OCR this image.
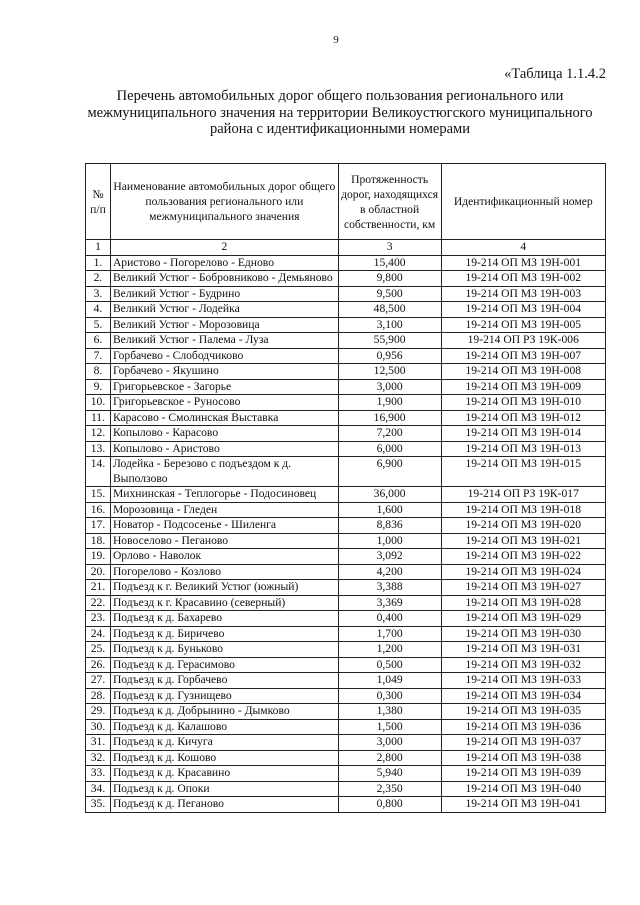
9
«Таблица 1.1.4.2
Перечень автомобильных дорог общего пользования регионального или межмуниципального значения на территории Великоустюгского муниципального района с идентификационными номерами
№ п/п	Наименование автомобильных дорог общего пользования регионального или межмуниципального значения	Протяженность дорог, находящихся в областной собственности, км	Идентификационный номер
1	2	3	4
1.	Аристово - Погорелово - Едново	15,400	19-214 ОП МЗ 19Н-001
2.	Великий Устюг - Бобровниково - Демьяново	9,800	19-214 ОП МЗ 19Н-002
3.	Великий Устюг - Будрино	9,500	19-214 ОП МЗ 19Н-003
4.	Великий Устюг - Лодейка	48,500	19-214 ОП МЗ 19Н-004
5.	Великий Устюг - Морозовица	3,100	19-214 ОП МЗ 19Н-005
6.	Великий Устюг - Палема - Луза	55,900	19-214 ОП РЗ 19К-006
7.	Горбачево - Слободчиково	0,956	19-214 ОП МЗ 19Н-007
8.	Горбачево - Якушино	12,500	19-214 ОП МЗ 19Н-008
9.	Григорьевское - Загорье	3,000	19-214 ОП МЗ 19Н-009
10.	Григорьевское - Руносово	1,900	19-214 ОП МЗ 19Н-010
11.	Карасово - Смолинская Выставка	16,900	19-214 ОП МЗ 19Н-012
12.	Копылово - Карасово	7,200	19-214 ОП МЗ 19Н-014
13.	Копылово - Аристово	6,000	19-214 ОП МЗ 19Н-013
14.	Лодейка - Березово с подъездом к д. Выползово	6,900	19-214 ОП МЗ 19Н-015
15.	Михнинская - Теплогорье - Подосиновец	36,000	19-214 ОП РЗ 19К-017
16.	Морозовица - Гледен	1,600	19-214 ОП МЗ 19Н-018
17.	Новатор - Подсосенье - Шиленга	8,836	19-214 ОП МЗ 19Н-020
18.	Новоселово - Пеганово	1,000	19-214 ОП МЗ 19Н-021
19.	Орлово - Наволок	3,092	19-214 ОП МЗ 19Н-022
20.	Погорелово - Козлово	4,200	19-214 ОП МЗ 19Н-024
21.	Подъезд к г. Великий Устюг (южный)	3,388	19-214 ОП МЗ 19Н-027
22.	Подъезд к г. Красавино (северный)	3,369	19-214 ОП МЗ 19Н-028
23.	Подъезд к д. Бахарево	0,400	19-214 ОП МЗ 19Н-029
24.	Подъезд к д. Биричево	1,700	19-214 ОП МЗ 19Н-030
25.	Подъезд к д. Буньково	1,200	19-214 ОП МЗ 19Н-031
26.	Подъезд к д. Герасимово	0,500	19-214 ОП МЗ 19Н-032
27.	Подъезд к д. Горбачево	1,049	19-214 ОП МЗ 19Н-033
28.	Подъезд к д. Гузнищево	0,300	19-214 ОП МЗ 19Н-034
29.	Подъезд к д. Добрынино - Дымково	1,380	19-214 ОП МЗ 19Н-035
30.	Подъезд к д. Калашово	1,500	19-214 ОП МЗ 19Н-036
31.	Подъезд к д. Кичуга	3,000	19-214 ОП МЗ 19Н-037
32.	Подъезд к д. Кошово	2,800	19-214 ОП МЗ 19Н-038
33.	Подъезд к д. Красавино	5,940	19-214 ОП МЗ 19Н-039
34.	Подъезд к д. Опоки	2,350	19-214 ОП МЗ 19Н-040
35.	Подъезд к д. Пеганово	0,800	19-214 ОП МЗ 19Н-041
